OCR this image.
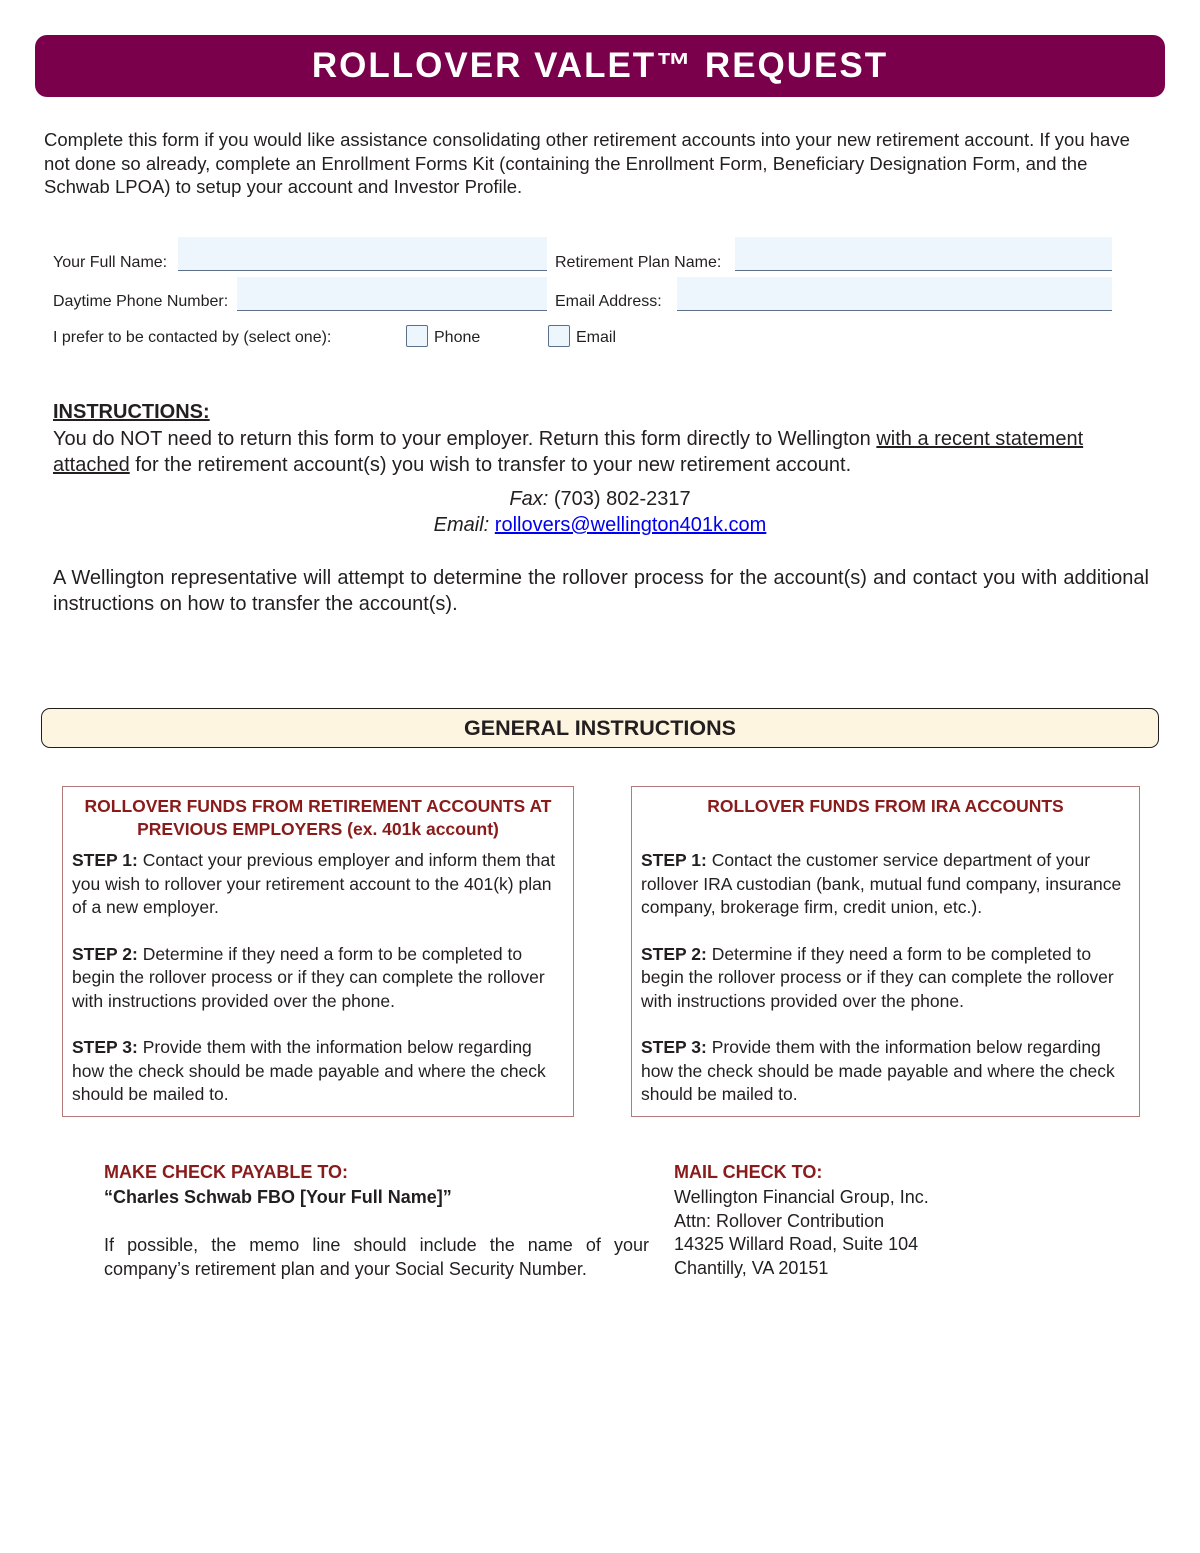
ROLLOVER VALET™ REQUEST

Complete this form if you would like assistance consolidating other retirement accounts into your new retirement account. If you have not done so already, complete an Enrollment Forms Kit (containing the Enrollment Form, Beneficiary Designation Form, and the Schwab LPOA) to setup your account and Investor Profile.

Your Full Name:	Retirement Plan Name:
Daytime Phone Number:	Email Address:
I prefer to be contacted by (select one):	Phone	Email
INSTRUCTIONS:

You do NOT need to return this form to your employer. Return this form directly to Wellington with a recent statement attached for the retirement account(s) you wish to transfer to your new retirement account.

Fax: (703) 802-2317
Email: rollovers@wellington401k.com

A Wellington representative will attempt to determine the rollover process for the account(s) and contact you with additional instructions on how to transfer the account(s).

GENERAL INSTRUCTIONS
ROLLOVER FUNDS FROM RETIREMENT ACCOUNTS AT PREVIOUS EMPLOYERS (ex. 401k account)

STEP 1: Contact your previous employer and inform them that you wish to rollover your retirement account to the 401(k) plan of a new employer.

STEP 2: Determine if they need a form to be completed to begin the rollover process or if they can complete the rollover with instructions provided over the phone.

STEP 3: Provide them with the information below regarding how the check should be made payable and where the check should be mailed to.

ROLLOVER FUNDS FROM IRA ACCOUNTS

STEP 1: Contact the customer service department of your rollover IRA custodian (bank, mutual fund company, insurance company, brokerage firm, credit union, etc.).

STEP 2: Determine if they need a form to be completed to begin the rollover process or if they can complete the rollover with instructions provided over the phone.

STEP 3: Provide them with the information below regarding how the check should be made payable and where the check should be mailed to.

MAKE CHECK PAYABLE TO:
“Charles Schwab FBO [Your Full Name]”

If possible, the memo line should include the name of your company’s retirement plan and your Social Security Number.

MAIL CHECK TO:
Wellington Financial Group, Inc.
Attn: Rollover Contribution
14325 Willard Road, Suite 104
Chantilly, VA 20151
